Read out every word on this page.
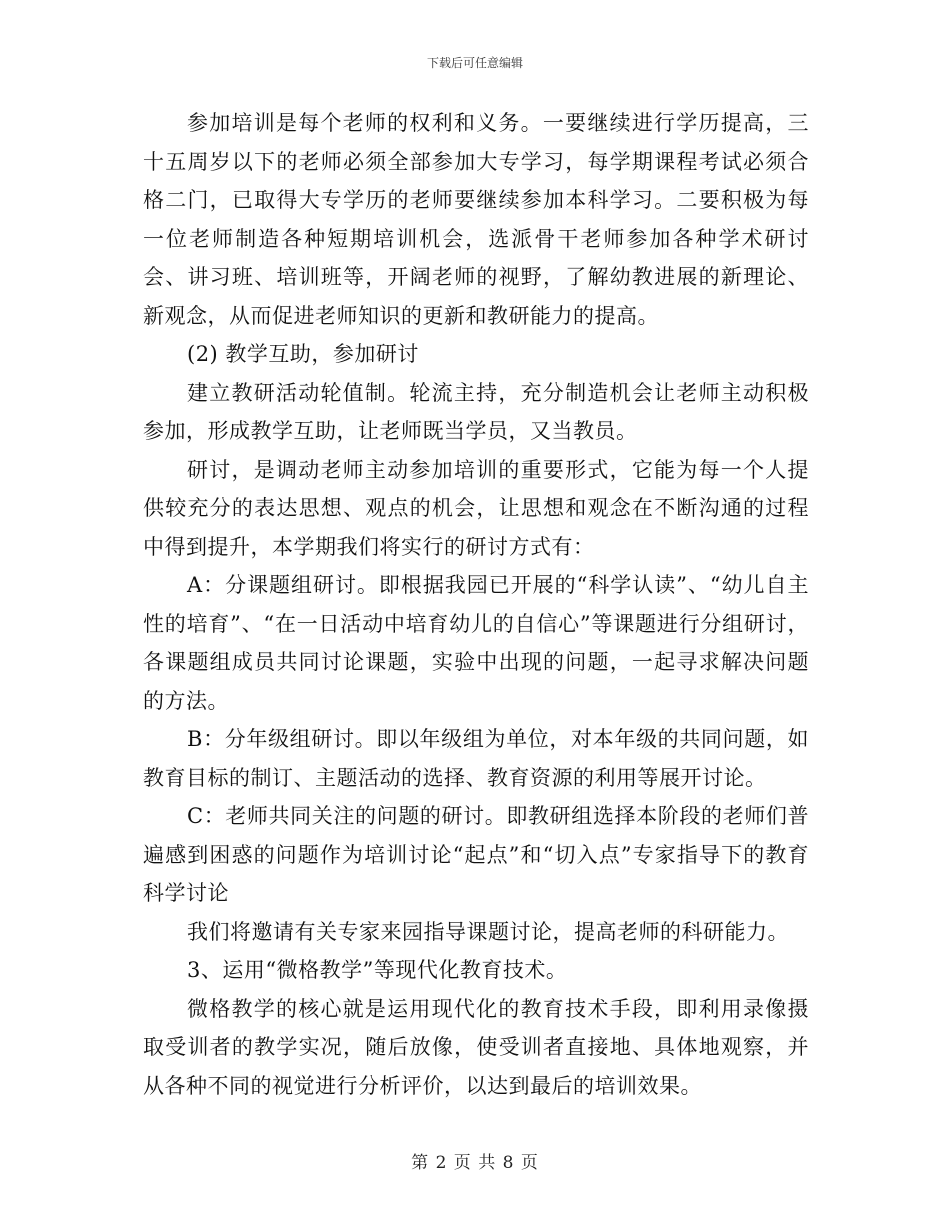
下载后可任意编辑

参加培训是每个老师的权利和义务。一要继续进行学历提高，三十五周岁以下的老师必须全部参加大专学习，每学期课程考试必须合格二门，已取得大专学历的老师要继续参加本科学习。二要积极为每一位老师制造各种短期培训机会，选派骨干老师参加各种学术研讨会、讲习班、培训班等，开阔老师的视野，了解幼教进展的新理论、新观念，从而促进老师知识的更新和教研能力的提高。

(2) 教学互助，参加研讨

建立教研活动轮值制。轮流主持，充分制造机会让老师主动积极参加，形成教学互助，让老师既当学员，又当教员。

研讨，是调动老师主动参加培训的重要形式，它能为每一个人提供较充分的表达思想、观点的机会，让思想和观念在不断沟通的过程中得到提升，本学期我们将实行的研讨方式有：

A：分课题组研讨。即根据我园已开展的“科学认读”、“幼儿自主性的培育”、“在一日活动中培育幼儿的自信心”等课题进行分组研讨，各课题组成员共同讨论课题，实验中出现的问题，一起寻求解决问题的方法。

B：分年级组研讨。即以年级组为单位，对本年级的共同问题，如教育目标的制订、主题活动的选择、教育资源的利用等展开讨论。

C：老师共同关注的问题的研讨。即教研组选择本阶段的老师们普遍感到困惑的问题作为培训讨论“起点”和“切入点”专家指导下的教育科学讨论

我们将邀请有关专家来园指导课题讨论，提高老师的科研能力。

3、运用“微格教学”等现代化教育技术。

微格教学的核心就是运用现代化的教育技术手段，即利用录像摄取受训者的教学实况，随后放像，使受训者直接地、具体地观察，并从各种不同的视觉进行分析评价，以达到最后的培训效果。

第 2 页 共 8 页
